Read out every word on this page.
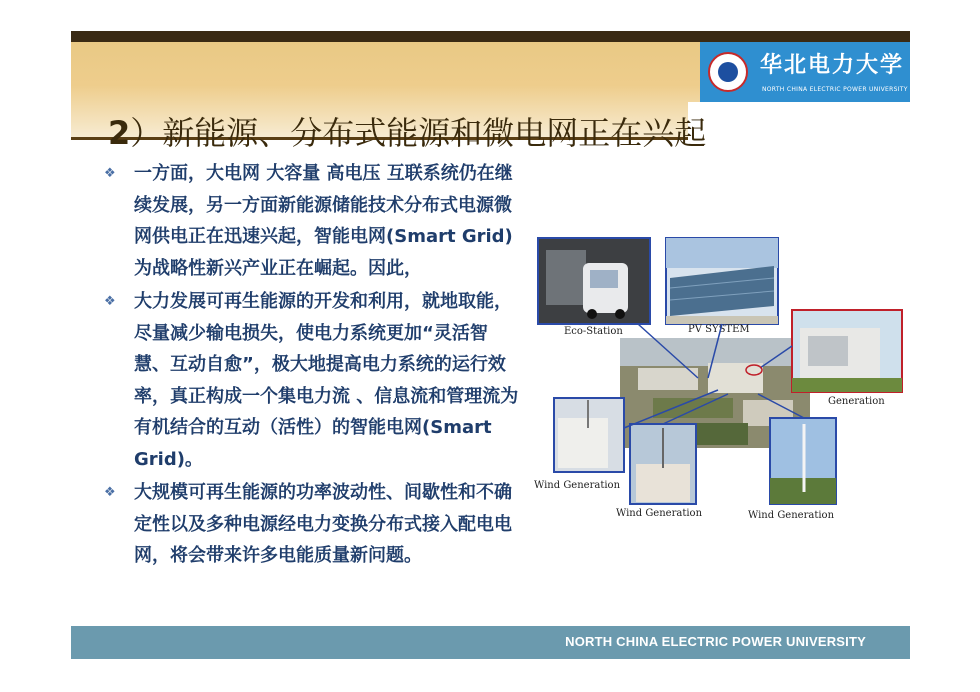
华北电力大学
NORTH CHINA ELECTRIC POWER UNIVERSITY
2）新能源、分布式能源和微电网正在兴起
❖ 一方面，大电网 大容量 高电压 互联系统仍在继续发展，另一方面新能源储能技术分布式电源微网供电正在迅速兴起，智能电网(Smart Grid)为战略性新兴产业正在崛起。因此，
❖ 大力发展可再生能源的开发和利用，就地取能，尽量减少输电损失，使电力系统更加“灵活智慧、互动自愈”，极大地提高电力系统的运行效率，真正构成一个集电力流 、信息流和管理流为有机结合的互动（活性）的智能电网(Smart Grid)。
❖ 大规模可再生能源的功率波动性、间歇性和不确定性以及多种电源经电力变换分布式接入配电电网，将会带来许多电能质量新问题。
Eco-Station	PV SYSTEM
Generation
Wind Generation
Wind Generation	Wind Generation
NORTH CHINA ELECTRIC POWER UNIVERSITY
